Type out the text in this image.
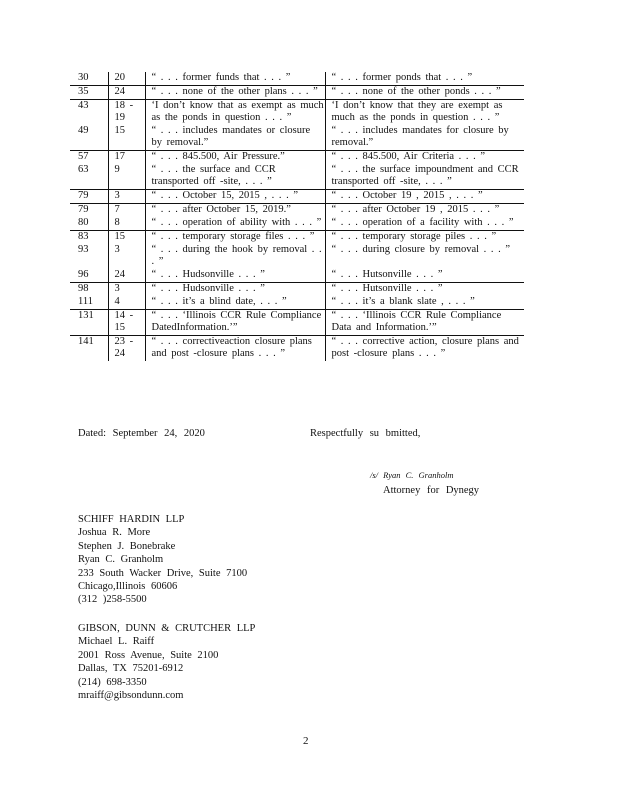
30	20	“ . . . former funds that . . . ”	“ . . . former ponds that . . . ”
35	24	“ . . . none of the other plans . . . ”	“ . . . none of the other ponds . . . ”
43	18 - 19	‘I don’t know that as exempt as much as the ponds in question . . . ”	‘I don’t know that they are exempt as much as the ponds in question . . . ”
49	15	“ . . . includes mandates or closure by removal.”	“ . . . includes mandates for closure by removal.”
57	17	“ . . . 845.500, Air Pressure.”	“ . . . 845.500, Air Criteria . . . ”
63	9	“ . . . the surface and CCR transported off -site, . . . ”	“ . . . the surface impoundment and CCR transported off -site, . . . ”
79	3	“ . . . October 15, 2015 , . . . ”	“ . . . October 19 , 2015 , . . . ”
79	7	“ . . . after October 15, 2019.”	“ . . . after October 19 , 2015 . . . ”
80	8	“ . . . operation of ability with . . . ”	“ . . . operation of a facility with . . . ”
83	15	“ . . . temporary storage files . . . ”	“ . . . temporary storage piles . . . ”
93	3	“ . . . during the hook by removal . . . ”	“ . . . during closure by removal . . . ”
96	24	“ . . . Hudsonville . . . ”	“ . . . Hutsonville . . . ”
98	3	“ . . . Hudsonville . . . ”	“ . . . Hutsonville . . . ”
111	4	“ . . . it’s a blind date, . . . ”	“ . . . it’s a blank slate , . . . ”
131	14 - 15	“ . . . ‘Illinois CCR Rule Compliance DatedInformation.’”	“ . . . ‘Illinois CCR Rule Compliance Data and Information.’”
141	23 - 24	“ . . . correctiveaction closure plans and post -closure plans . . . ”	“ . . . corrective action, closure plans and post -closure plans . . . ”
Dated: September 24, 2020	Respectfully su bmitted,
/s/ Ryan C. Granholm
Attorney for Dynegy
SCHIFF HARDIN LLP
Joshua R. More
Stephen J. Bonebrake
Ryan C. Granholm
233 South Wacker Drive, Suite 7100
Chicago,Illinois 60606
(312 )258-5500
GIBSON, DUNN & CRUTCHER LLP
Michael L. Raiff
2001 Ross Avenue, Suite 2100
Dallas, TX 75201-6912
(214) 698-3350
mraiff@gibsondunn.com
2
